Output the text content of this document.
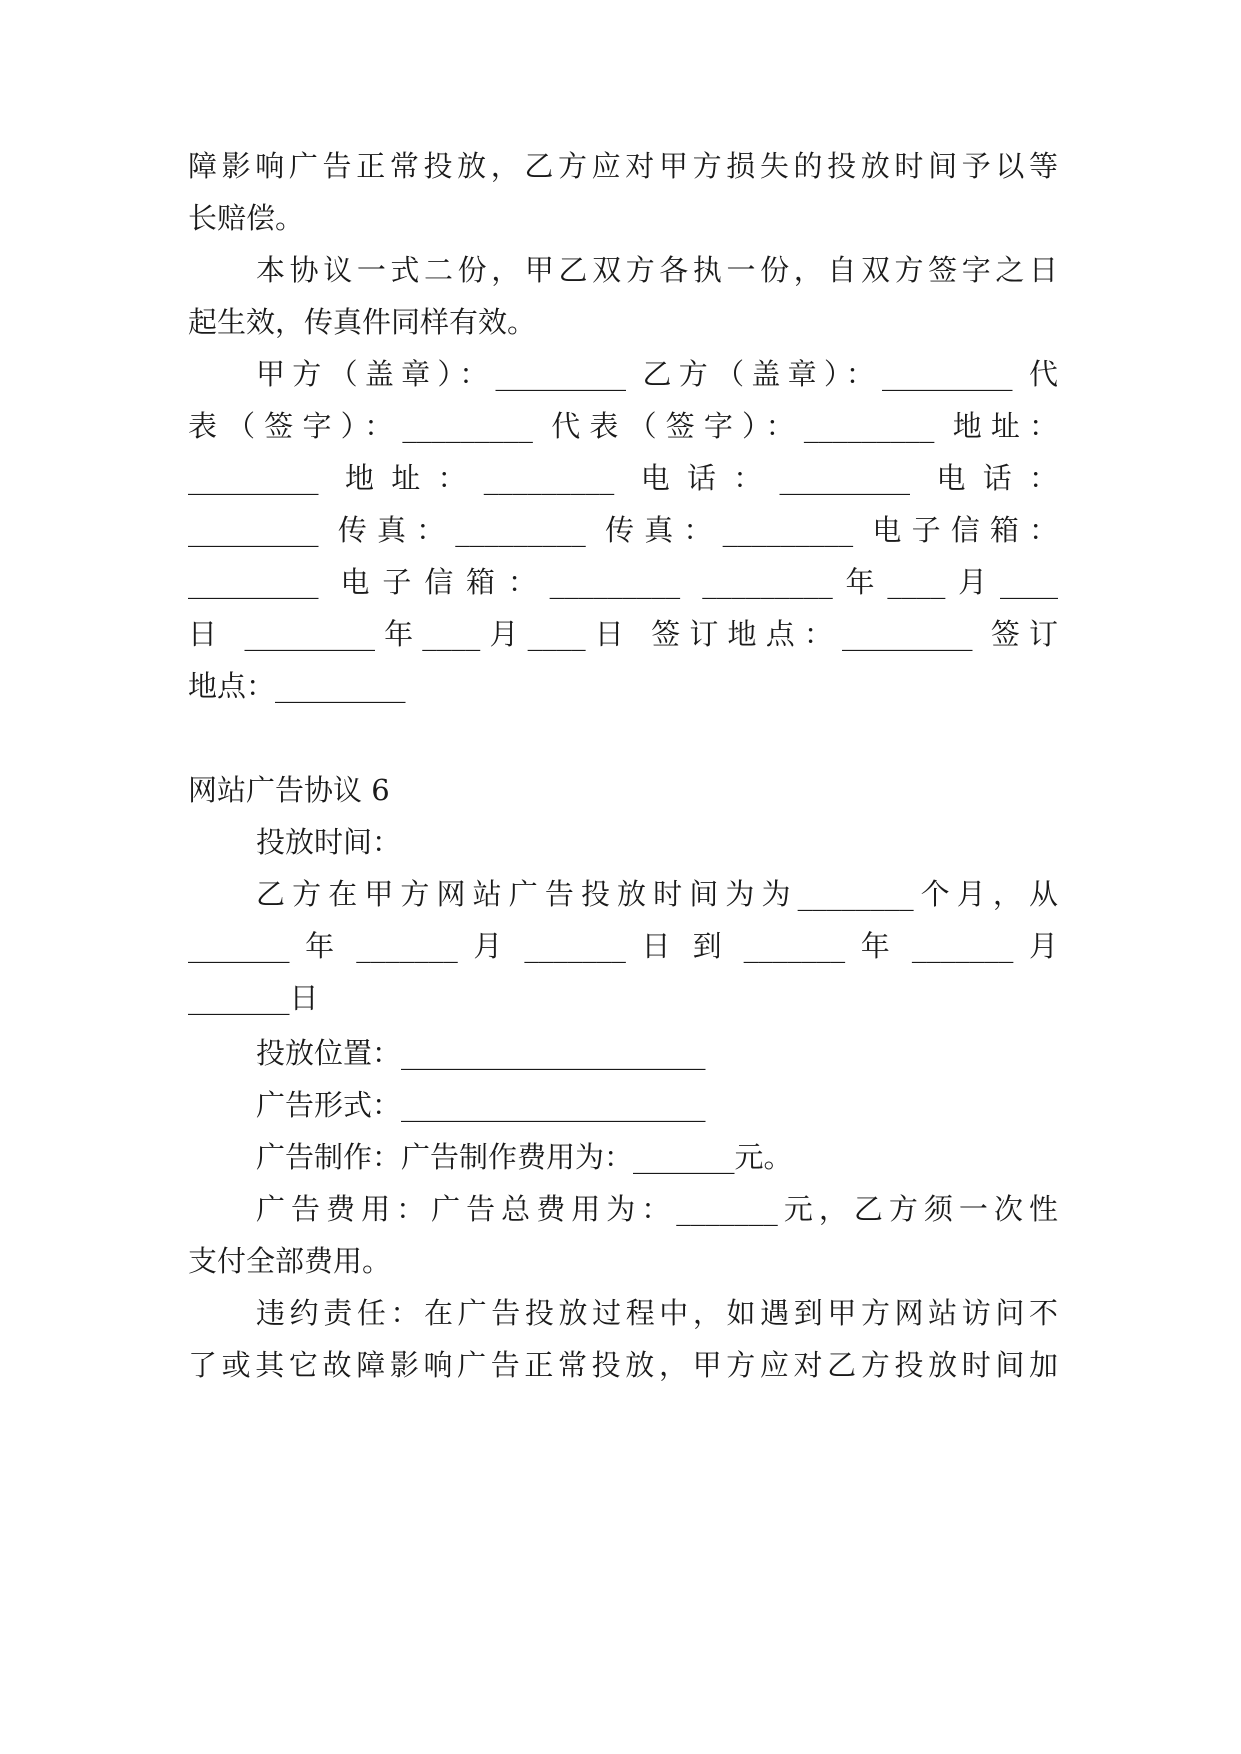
障影响广告正常投放，乙方应对甲方损失的投放时间予以等
长赔偿。
本协议一式二份，甲乙双方各执一份，自双方签字之日
起生效，传真件同样有效。
甲方（盖章）：_________ 乙方（盖章）：_________ 代
表（签字）：_________ 代表（签字）：_________ 地址：
_________ 地址：_________ 电话：_________ 电话：
_________ 传真：_________ 传真：_________ 电子信箱：
_________ 电子信箱：_________ _________年____月____
日 _________年____月____日 签订地点：_________ 签订
地点：_________
网站广告协议 6
投放时间：
乙方在甲方网站广告投放时间为为________个月，从
_______ 年 _______ 月 _______ 日 到 _______ 年 _______ 月
_______日
投放位置：_____________________
广告形式：_____________________
广告制作：广告制作费用为：_______元。
广告费用：广告总费用为：_______元，乙方须一次性
支付全部费用。
违约责任：在广告投放过程中，如遇到甲方网站访问不
了或其它故障影响广告正常投放，甲方应对乙方投放时间加
